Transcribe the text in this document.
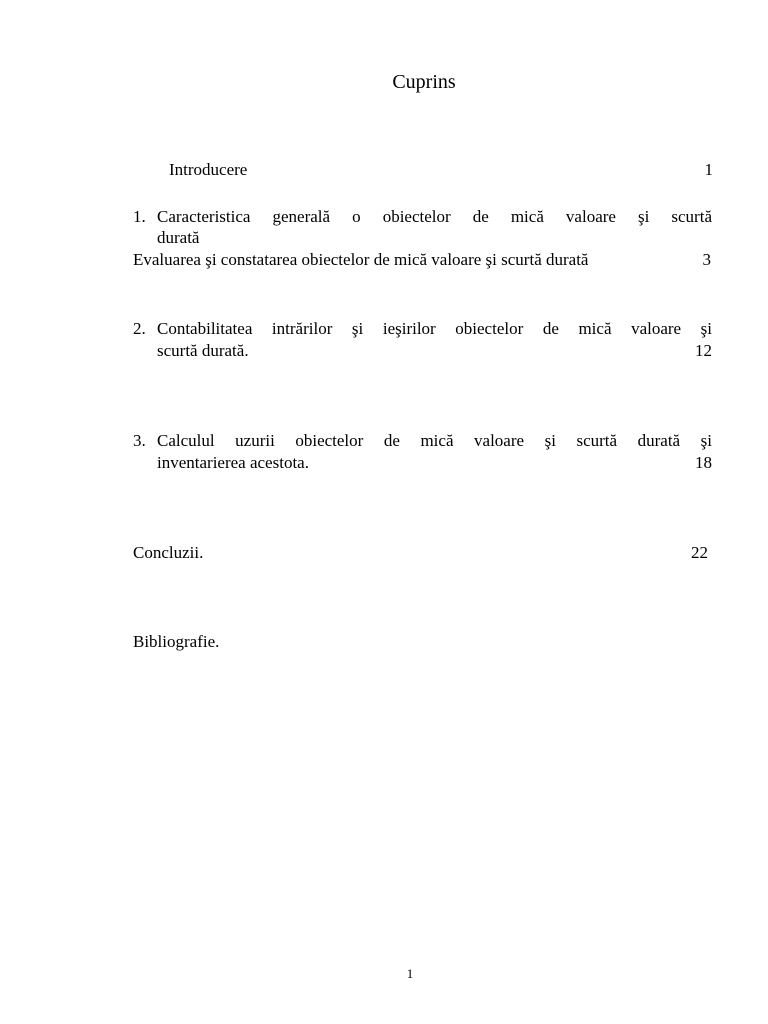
Cuprins
Introducere	1
1. Caracteristica generală o obiectelor de mică valoare şi scurtă
durată
Evaluarea şi constatarea obiectelor de mică valoare şi scurtă durată	3
2. Contabilitatea intrărilor şi ieşirilor obiectelor de mică valoare şi
scurtă durată.	12
3. Calculul uzurii obiectelor de mică valoare şi scurtă durată şi
inventarierea acestota.	18
Concluzii.	22
Bibliografie.
1
